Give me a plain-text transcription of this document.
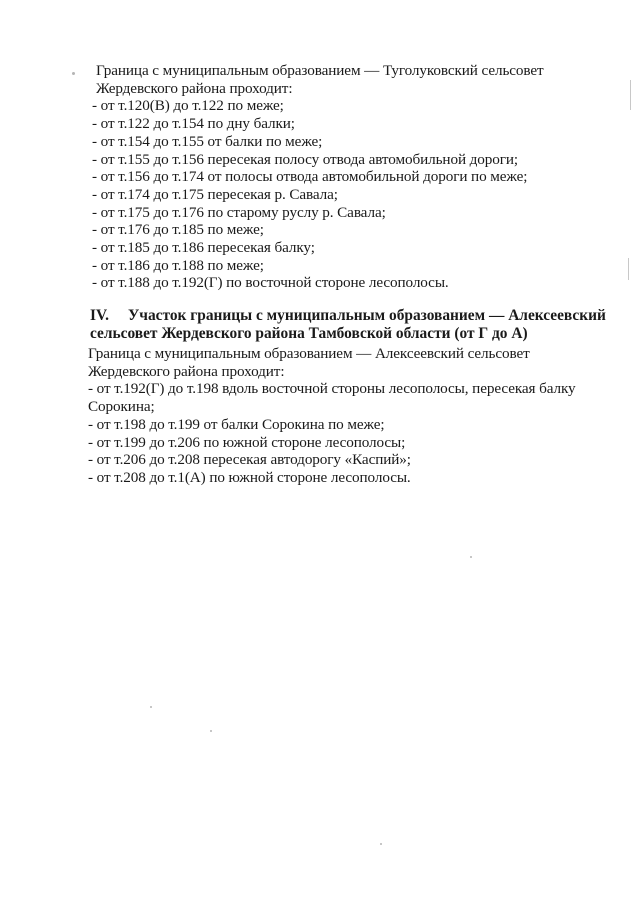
Граница с муниципальным образованием — Туголуковский сельсовет
Жердевского района проходит:
- от т.120(В) до т.122 по меже;
- от т.122 до т.154 по дну балки;
- от т.154 до т.155 от балки по меже;
- от т.155 до т.156 пересекая полосу отвода автомобильной дороги;
- от т.156 до т.174 от полосы отвода автомобильной дороги по меже;
- от т.174 до т.175 пересекая р. Савала;
- от т.175 до т.176 по старому руслу р. Савала;
- от т.176 до т.185 по меже;
- от т.185 до т.186 пересекая балку;
- от т.186 до т.188 по меже;
- от т.188 до т.192(Г) по восточной стороне лесополосы.
IV. Участок границы с муниципальным образованием — Алексеевский
сельсовет Жердевского района Тамбовской области (от Г до А)
Граница с муниципальным образованием — Алексеевский сельсовет
Жердевского района проходит:
- от т.192(Г) до т.198 вдоль восточной стороны лесополосы, пересекая балку
Сорокина;
- от т.198 до т.199 от балки Сорокина по меже;
- от т.199 до т.206 по южной стороне лесополосы;
- от т.206 до т.208 пересекая автодорогу «Каспий»;
- от т.208 до т.1(А) по южной стороне лесополосы.
